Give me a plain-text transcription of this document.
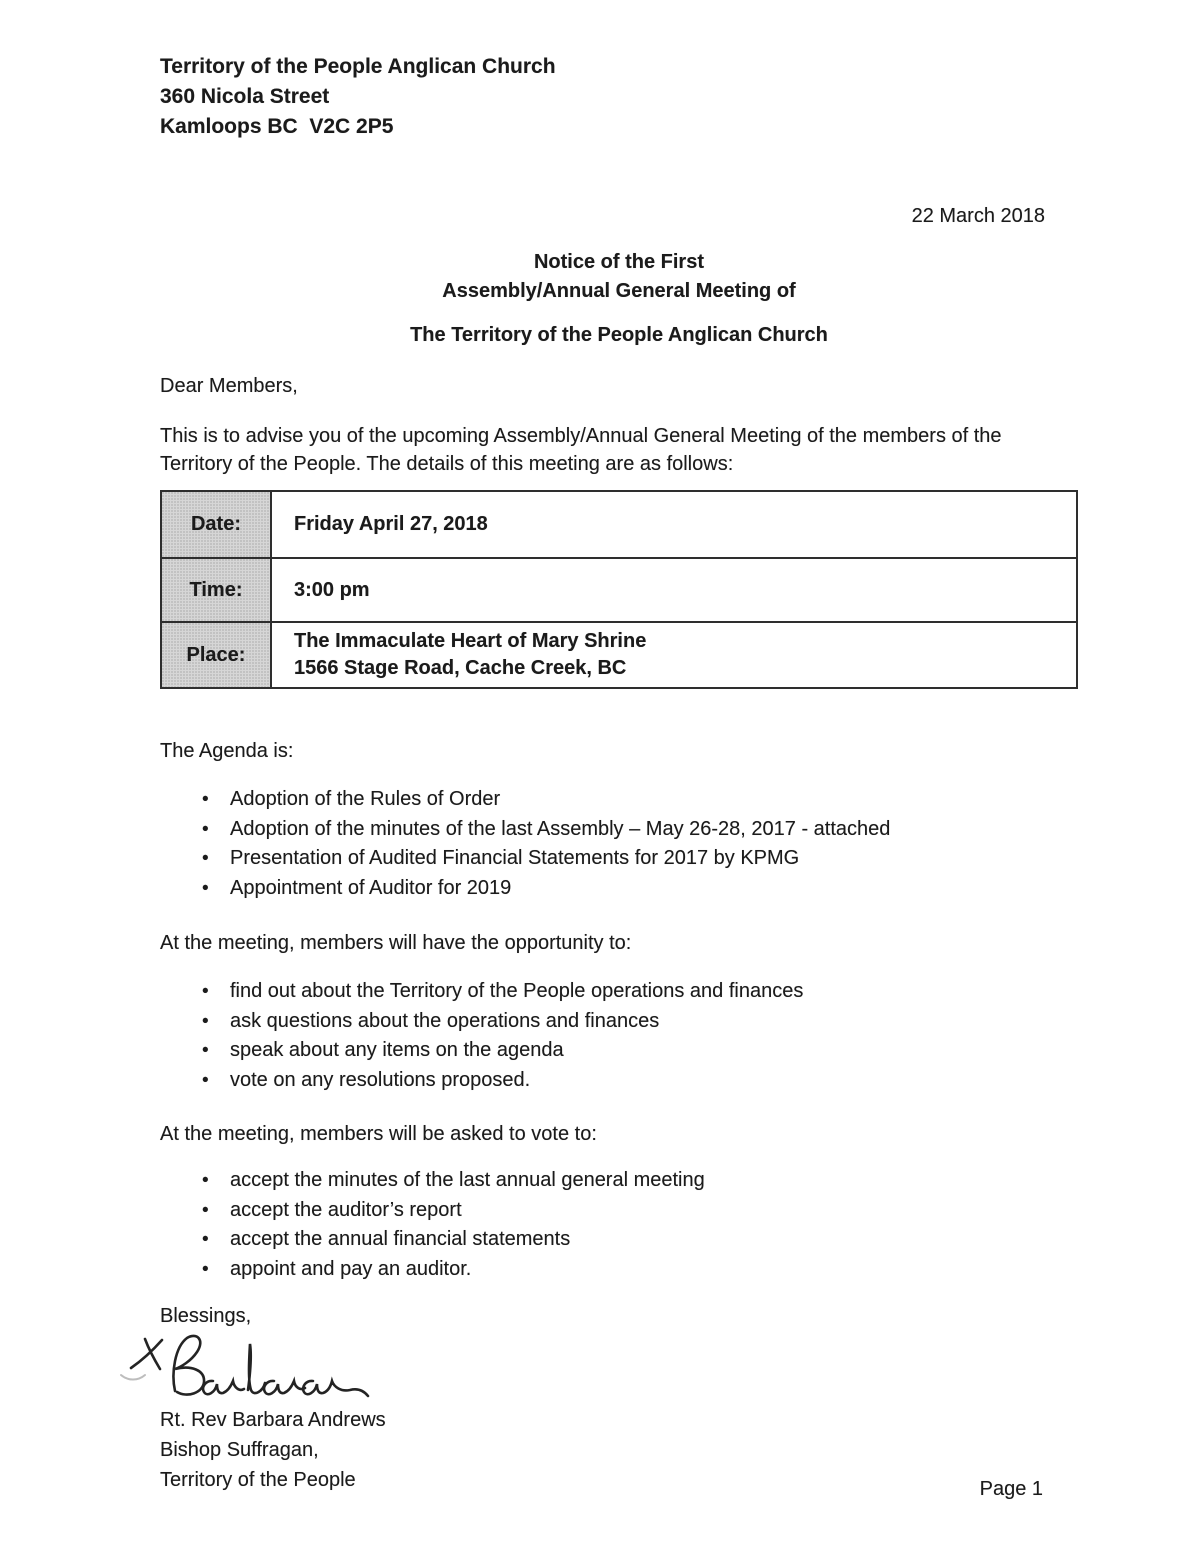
Territory of the People Anglican Church
360 Nicola Street
Kamloops BC  V2C 2P5
22 March 2018
Notice of the First
Assembly/Annual General Meeting of
The Territory of the People Anglican Church

Dear Members,

This is to advise you of the upcoming Assembly/Annual General Meeting of the members of the Territory of the People. The details of this meeting are as follows:

Date:	Friday April 27, 2018

Time:	3:00 pm

Place:	The Immaculate Heart of Mary Shrine
1566 Stage Road, Cache Creek, BC

The Agenda is:

• Adoption of the Rules of Order
• Adoption of the minutes of the last Assembly – May 26-28, 2017 - attached
• Presentation of Audited Financial Statements for 2017 by KPMG
• Appointment of Auditor for 2019

At the meeting, members will have the opportunity to:

• find out about the Territory of the People operations and finances
• ask questions about the operations and finances
• speak about any items on the agenda
• vote on any resolutions proposed.

At the meeting, members will be asked to vote to:

• accept the minutes of the last annual general meeting
• accept the auditor’s report
• accept the annual financial statements
• appoint and pay an auditor.

Blessings,

Rt. Rev Barbara Andrews
Bishop Suffragan,
Territory of the People	Page 1
